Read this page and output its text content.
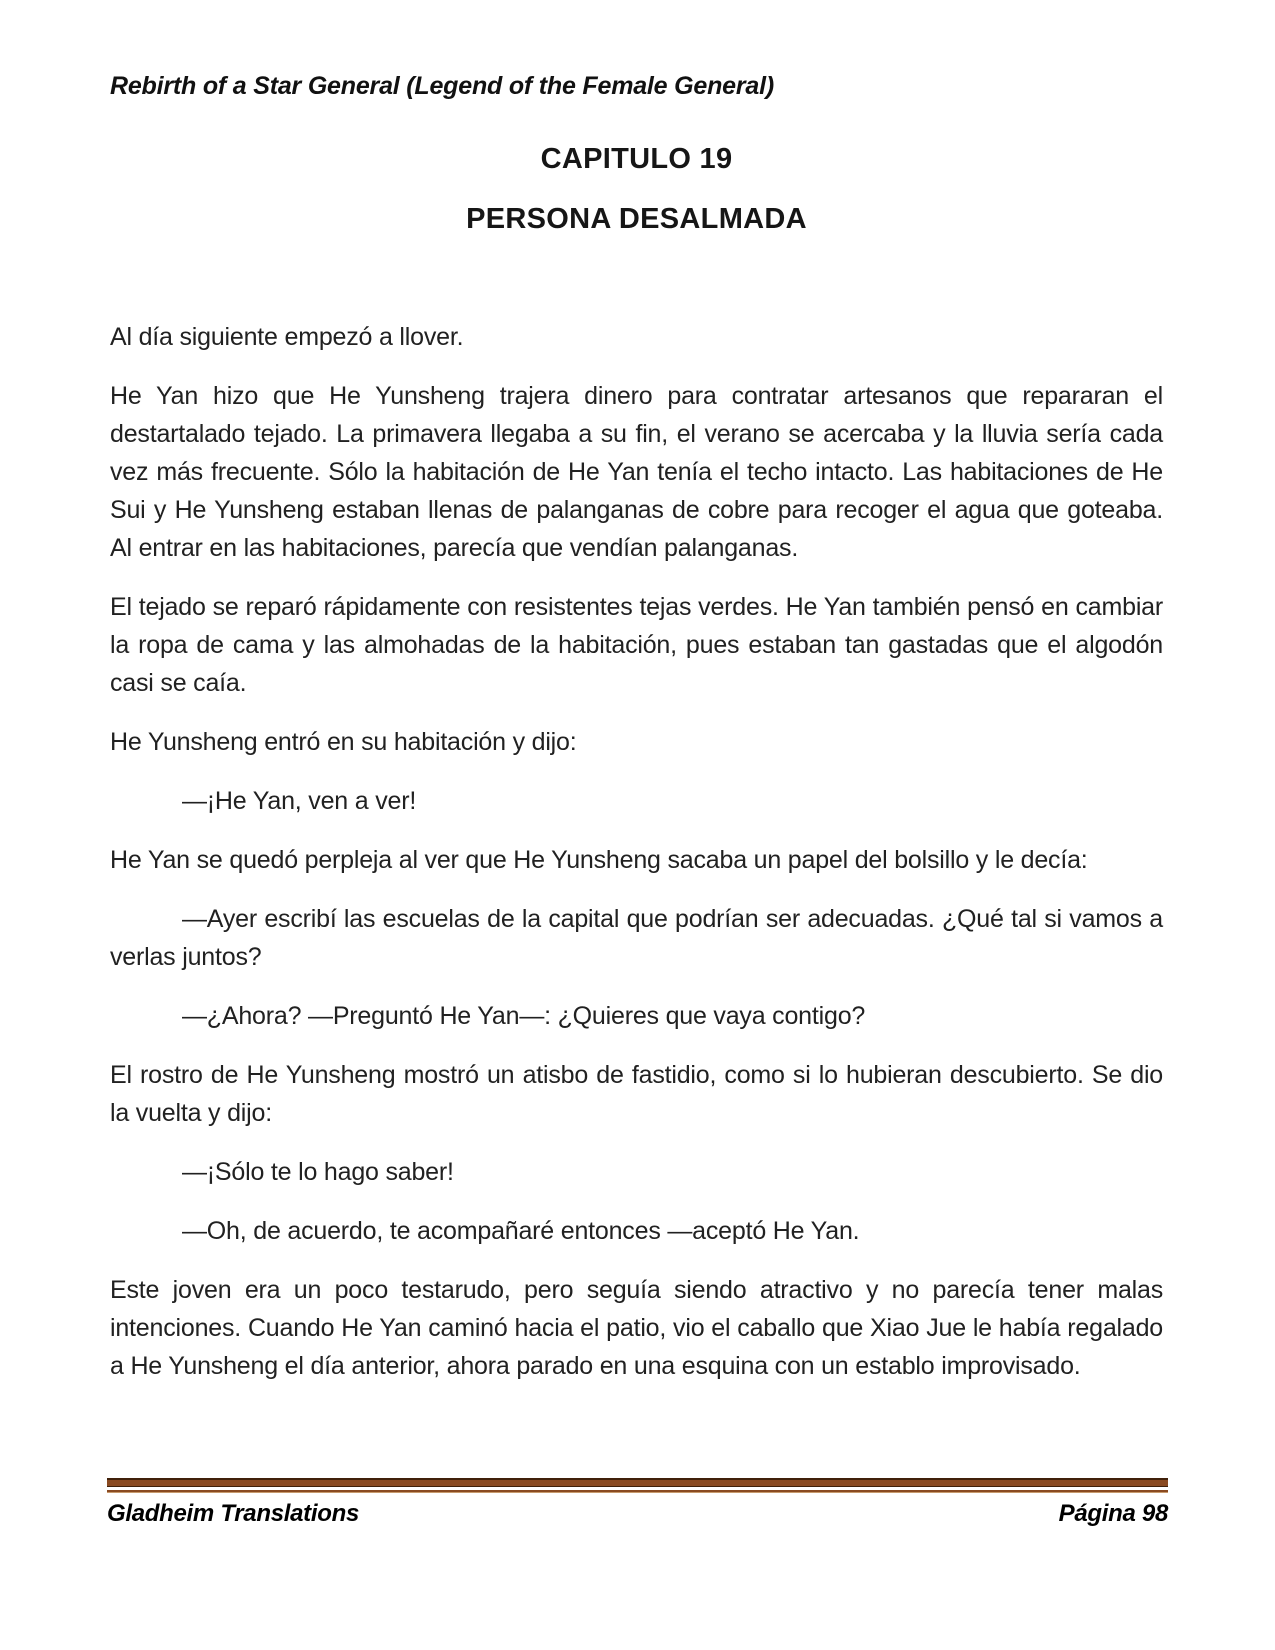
Rebirth of a Star General (Legend of the Female General)
CAPITULO 19
PERSONA DESALMADA

Al día siguiente empezó a llover.

He Yan hizo que He Yunsheng trajera dinero para contratar artesanos que repararan el destartalado tejado. La primavera llegaba a su fin, el verano se acercaba y la lluvia sería cada vez más frecuente. Sólo la habitación de He Yan tenía el techo intacto. Las habitaciones de He Sui y He Yunsheng estaban llenas de palanganas de cobre para recoger el agua que goteaba. Al entrar en las habitaciones, parecía que vendían palanganas.

El tejado se reparó rápidamente con resistentes tejas verdes. He Yan también pensó en cambiar la ropa de cama y las almohadas de la habitación, pues estaban tan gastadas que el algodón casi se caía.

He Yunsheng entró en su habitación y dijo:

—¡He Yan, ven a ver!

He Yan se quedó perpleja al ver que He Yunsheng sacaba un papel del bolsillo y le decía:

—Ayer escribí las escuelas de la capital que podrían ser adecuadas. ¿Qué tal si vamos a verlas juntos?

—¿Ahora? —Preguntó He Yan—: ¿Quieres que vaya contigo?

El rostro de He Yunsheng mostró un atisbo de fastidio, como si lo hubieran descubierto. Se dio la vuelta y dijo:

—¡Sólo te lo hago saber!

—Oh, de acuerdo, te acompañaré entonces —aceptó He Yan.

Este joven era un poco testarudo, pero seguía siendo atractivo y no parecía tener malas intenciones. Cuando He Yan caminó hacia el patio, vio el caballo que Xiao Jue le había regalado a He Yunsheng el día anterior, ahora parado en una esquina con un establo improvisado.

Gladheim Translations	Página 98
